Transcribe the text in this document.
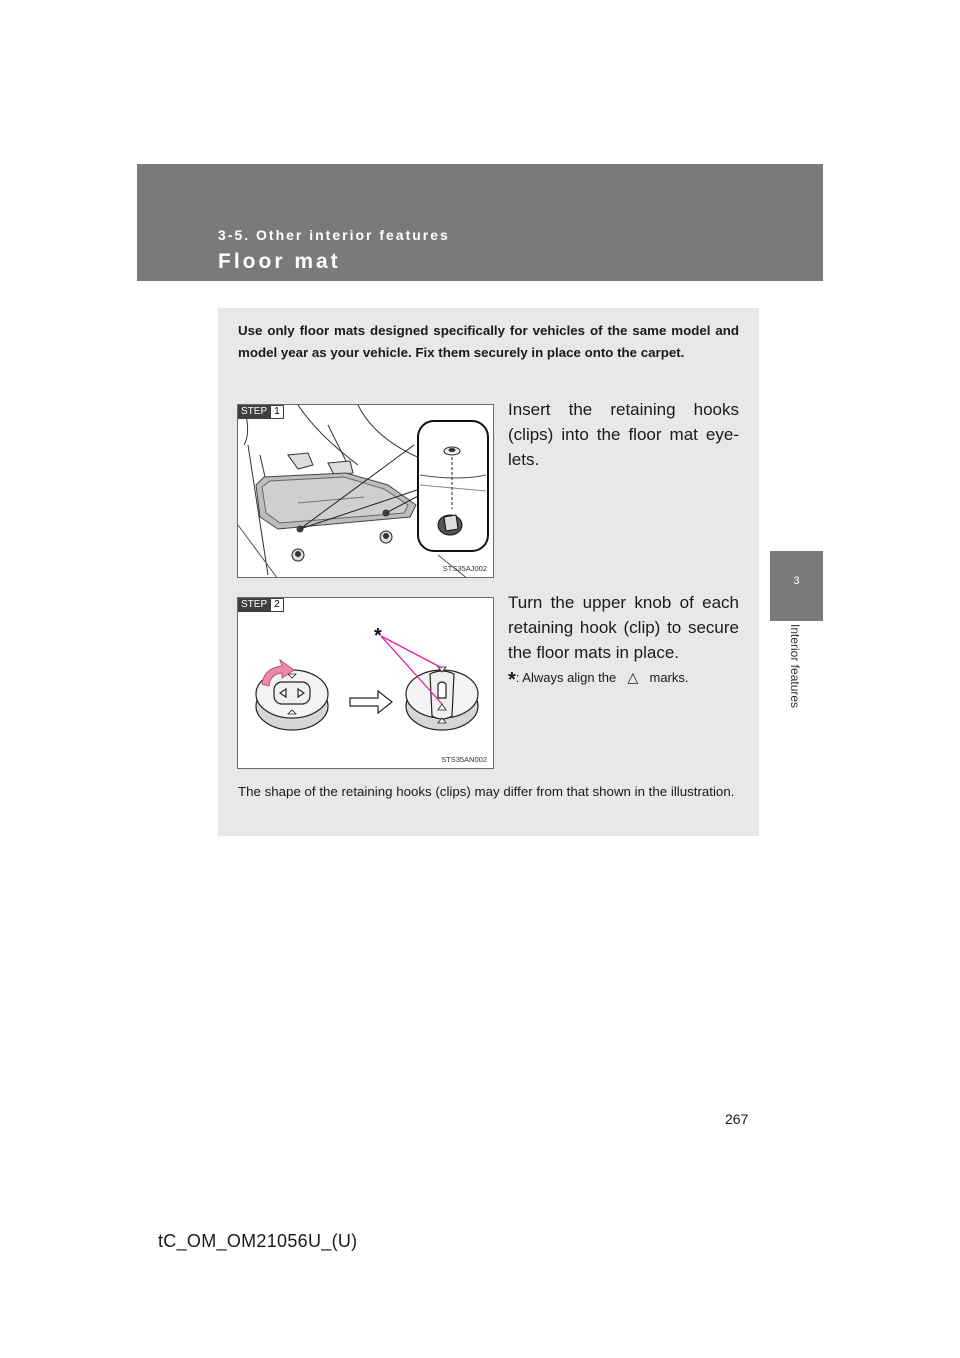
3-5. Other interior features
Floor mat
3
Interior features
Use only floor mats designed specifically for vehicles of the same model and model year as your vehicle. Fix them securely in place onto the carpet.
STEP 1
STS35AJ002
Insert the retaining hooks (clips) into the floor mat eye-lets.
*
STEP 2
STS35AN002
Turn the upper knob of each retaining hook (clip) to secure the floor mats in place.
*: Always align the △ marks.
The shape of the retaining hooks (clips) may differ from that shown in the illustration.
267
tC_OM_OM21056U_(U)
